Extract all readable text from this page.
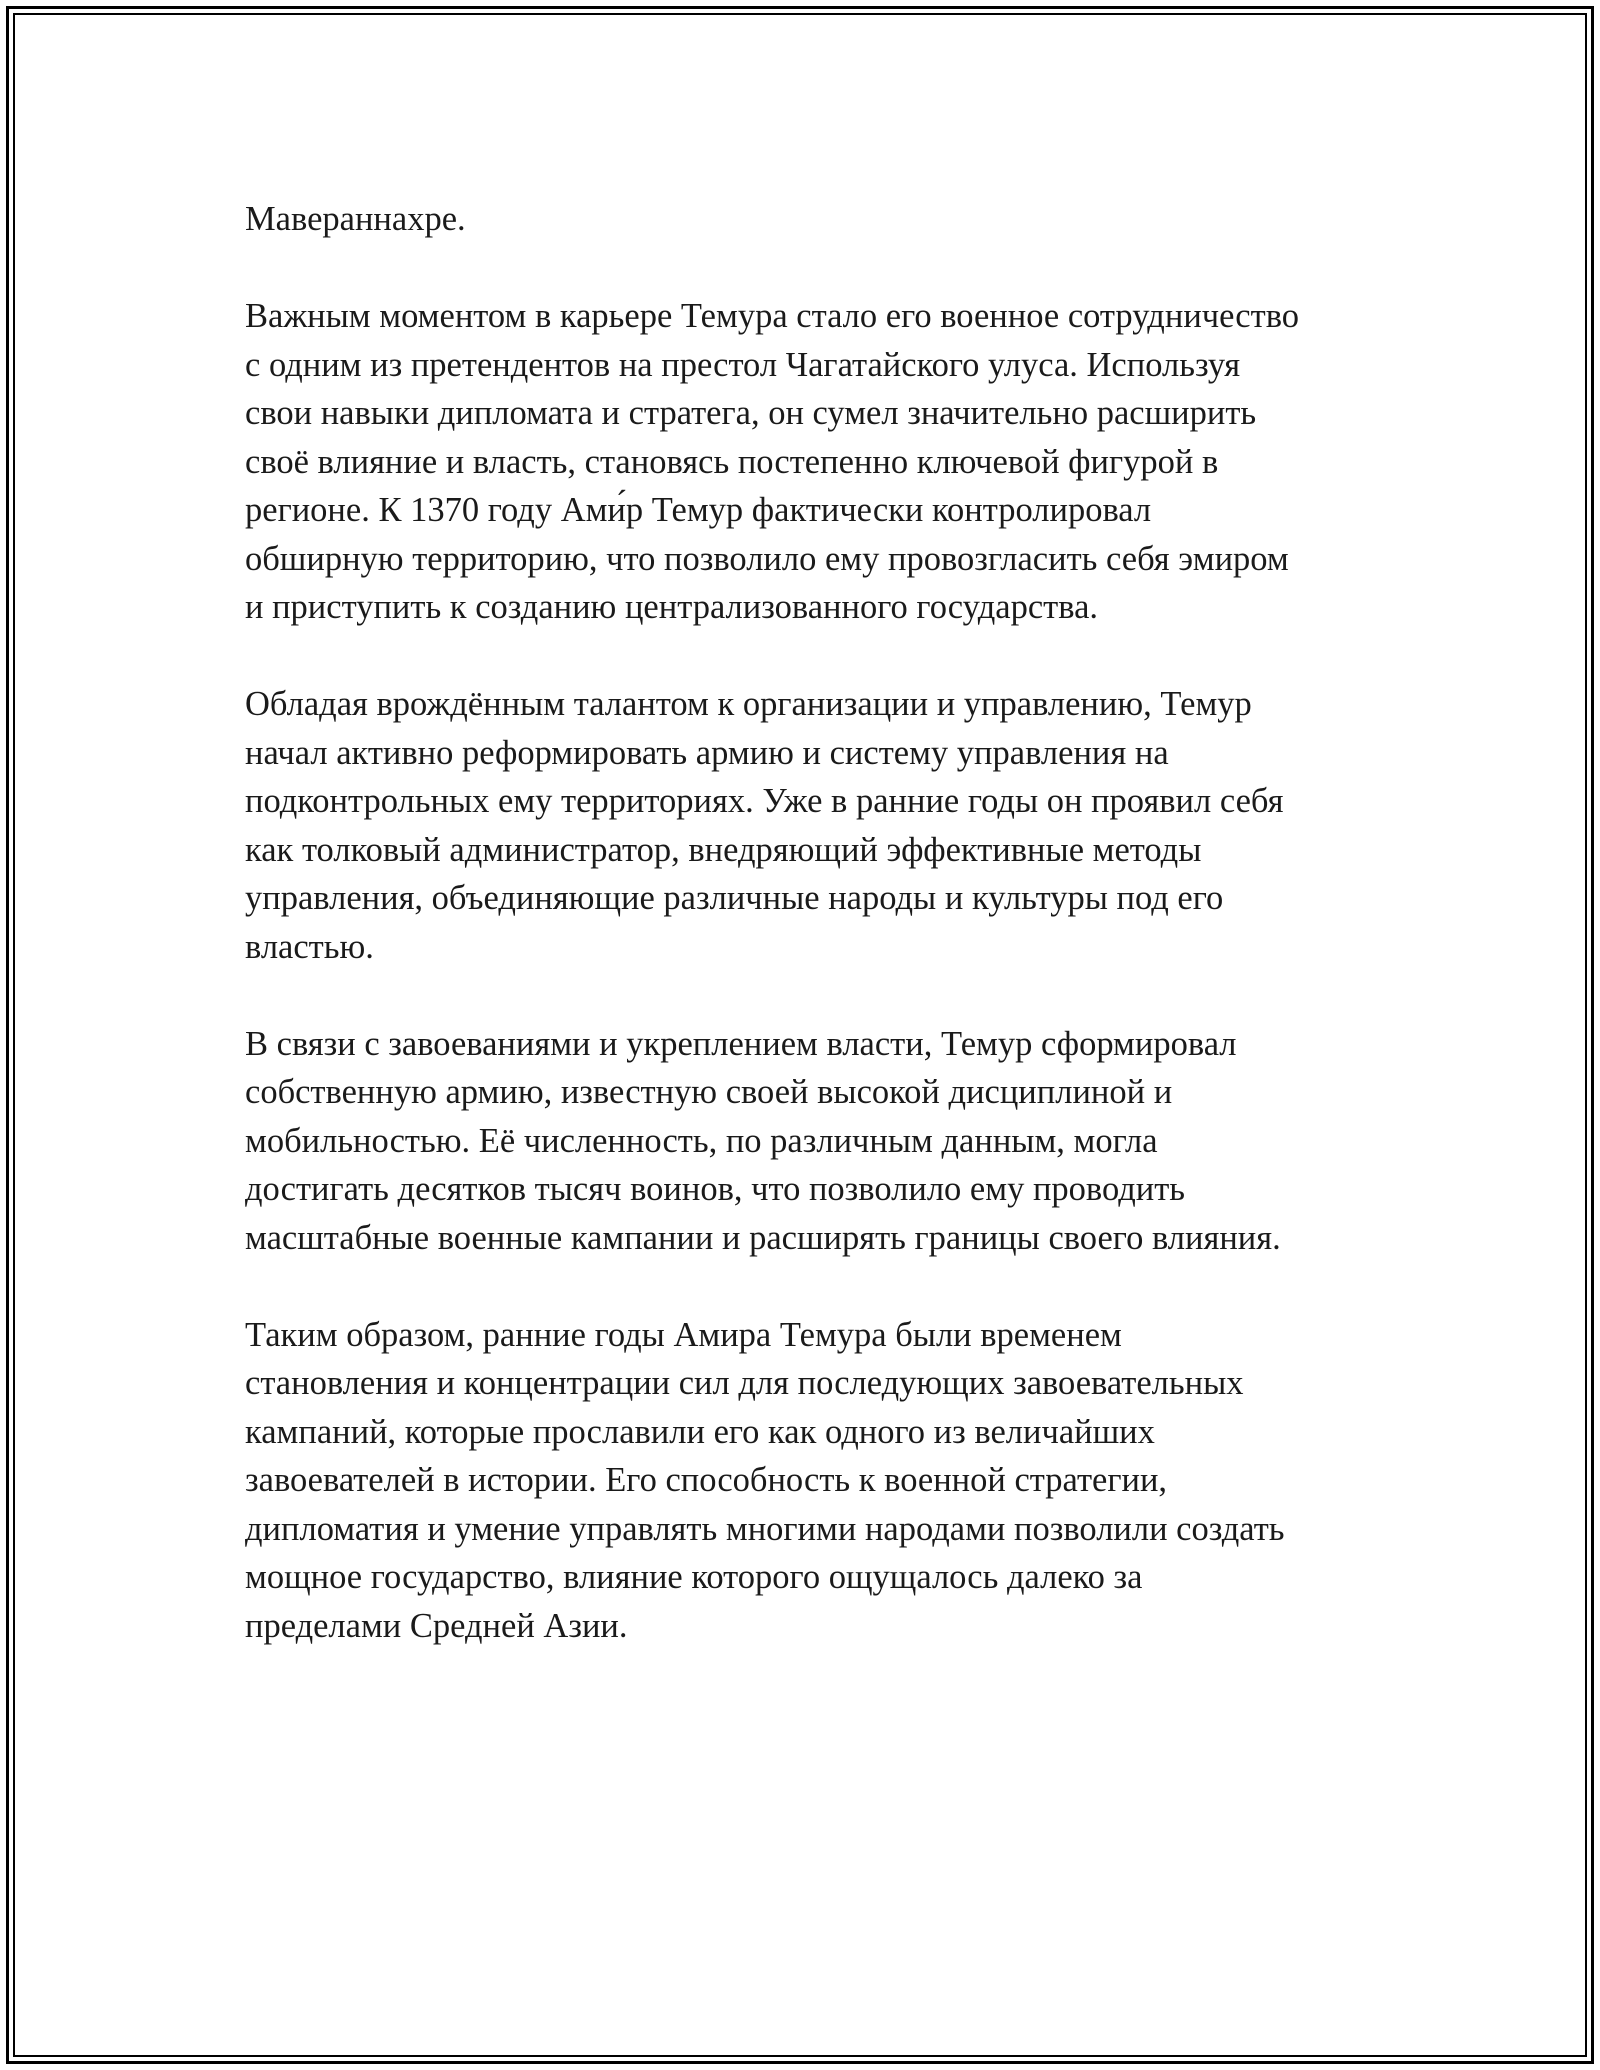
Мавераннахре.

Важным моментом в карьере Темура стало его военное сотрудничество
с одним из претендентов на престол Чагатайского улуса. Используя
свои навыки дипломата и стратега, он сумел значительно расширить
своё влияние и власть, становясь постепенно ключевой фигурой в
регионе. К 1370 году Ами́р Темур фактически контролировал
обширную территорию, что позволило ему провозгласить себя эмиром
и приступить к созданию централизованного государства.

Обладая врождённым талантом к организации и управлению, Темур
начал активно реформировать армию и систему управления на
подконтрольных ему территориях. Уже в ранние годы он проявил себя
как толковый администратор, внедряющий эффективные методы
управления, объединяющие различные народы и культуры под его
властью.

В связи с завоеваниями и укреплением власти, Темур сформировал
собственную армию, известную своей высокой дисциплиной и
мобильностью. Её численность, по различным данным, могла
достигать десятков тысяч воинов, что позволило ему проводить
масштабные военные кампании и расширять границы своего влияния.

Таким образом, ранние годы Амира Темура были временем
становления и концентрации сил для последующих завоевательных
кампаний, которые прославили его как одного из величайших
завоевателей в истории. Его способность к военной стратегии,
дипломатия и умение управлять многими народами позволили создать
мощное государство, влияние которого ощущалось далеко за
пределами Средней Азии.
